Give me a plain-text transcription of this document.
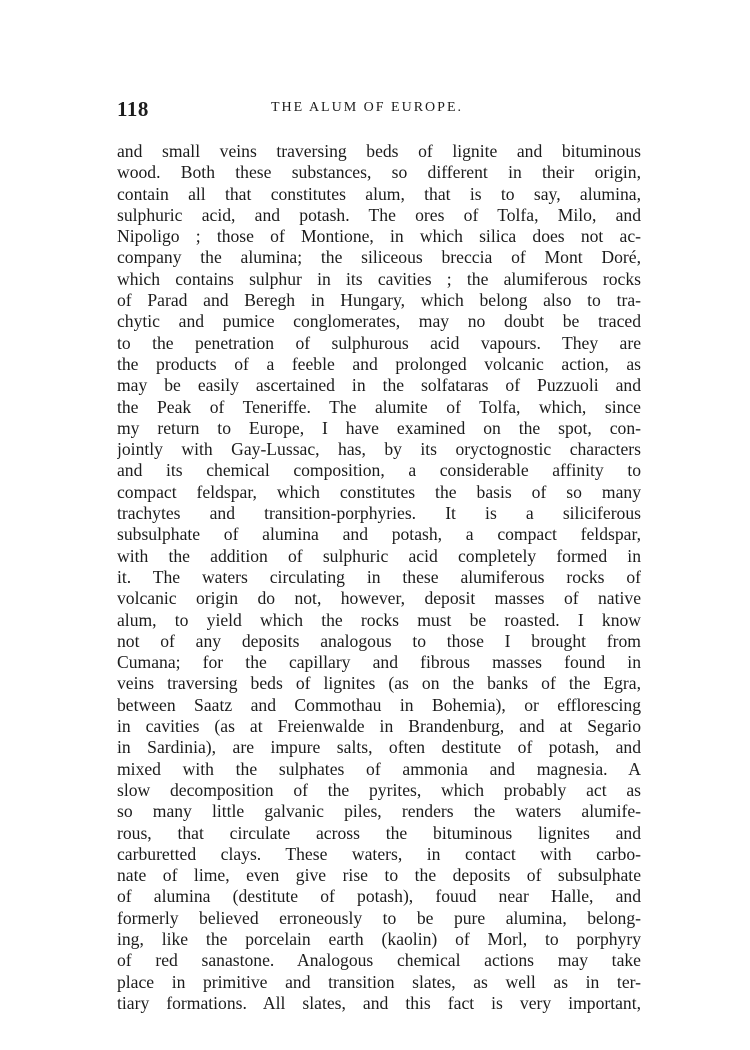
118	THE ALUM OF EUROPE.
and small veins traversing beds of lignite and bituminous
wood. Both these substances, so different in their origin,
contain all that constitutes alum, that is to say, alumina,
sulphuric acid, and potash. The ores of Tolfa, Milo, and
Nipoligo ; those of Montione, in which silica does not ac-
company the alumina; the siliceous breccia of Mont Doré,
which contains sulphur in its cavities ; the alumiferous rocks
of Parad and Beregh in Hungary, which belong also to tra-
chytic and pumice conglomerates, may no doubt be traced
to the penetration of sulphurous acid vapours. They are
the products of a feeble and prolonged volcanic action, as
may be easily ascertained in the solfataras of Puzzuoli and
the Peak of Teneriffe. The alumite of Tolfa, which, since
my return to Europe, I have examined on the spot, con-
jointly with Gay-Lussac, has, by its oryctognostic characters
and its chemical composition, a considerable affinity to
compact feldspar, which constitutes the basis of so many
trachytes and transition-porphyries. It is a siliciferous
subsulphate of alumina and potash, a compact feldspar,
with the addition of sulphuric acid completely formed in
it. The waters circulating in these alumiferous rocks of
volcanic origin do not, however, deposit masses of native
alum, to yield which the rocks must be roasted. I know
not of any deposits analogous to those I brought from
Cumana; for the capillary and fibrous masses found in
veins traversing beds of lignites (as on the banks of the Egra,
between Saatz and Commothau in Bohemia), or efflorescing
in cavities (as at Freienwalde in Brandenburg, and at Segario
in Sardinia), are impure salts, often destitute of potash, and
mixed with the sulphates of ammonia and magnesia. A
slow decomposition of the pyrites, which probably act as
so many little galvanic piles, renders the waters alumife-
rous, that circulate across the bituminous lignites and
carburetted clays. These waters, in contact with carbo-
nate of lime, even give rise to the deposits of subsulphate
of alumina (destitute of potash), fouud near Halle, and
formerly believed erroneously to be pure alumina, belong-
ing, like the porcelain earth (kaolin) of Morl, to porphyry
of red sanastone. Analogous chemical actions may take
place in primitive and transition slates, as well as in ter-
tiary formations. All slates, and this fact is very important,
